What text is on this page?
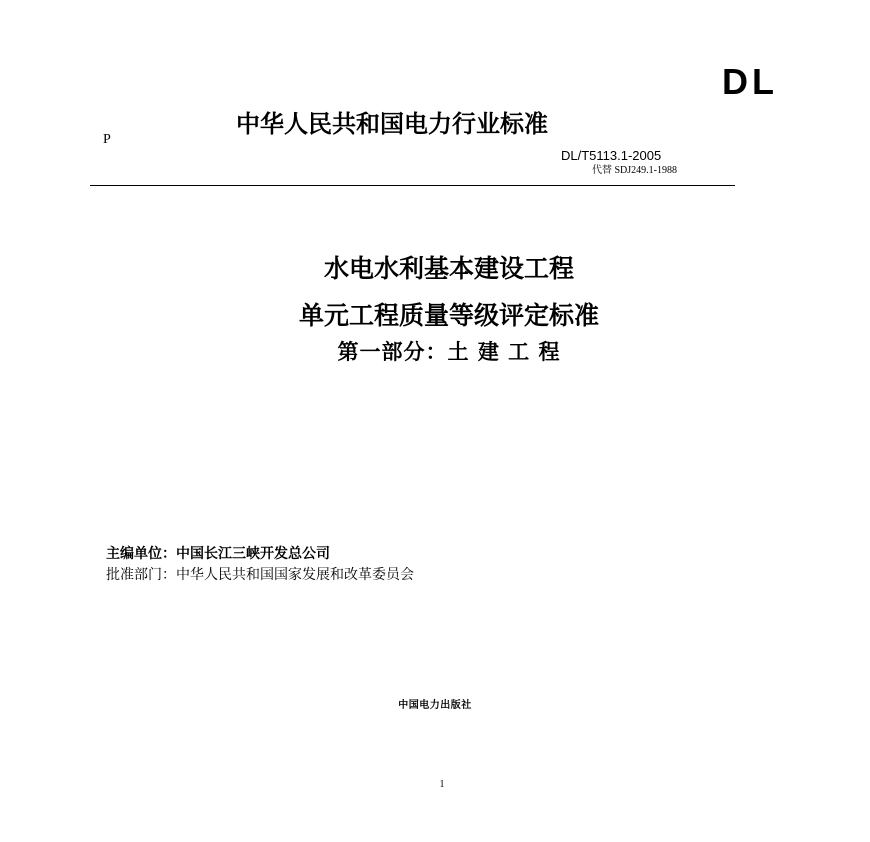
DL
中华人民共和国电力行业标准
P
DL/T5113.1-2005
代替 SDJ249.1-1988
水电水利基本建设工程
单元工程质量等级评定标准
第一部分：土 建 工 程
主编单位：中国长江三峡开发总公司
批准部门：中华人民共和国国家发展和改革委员会
中国电力出版社
1
